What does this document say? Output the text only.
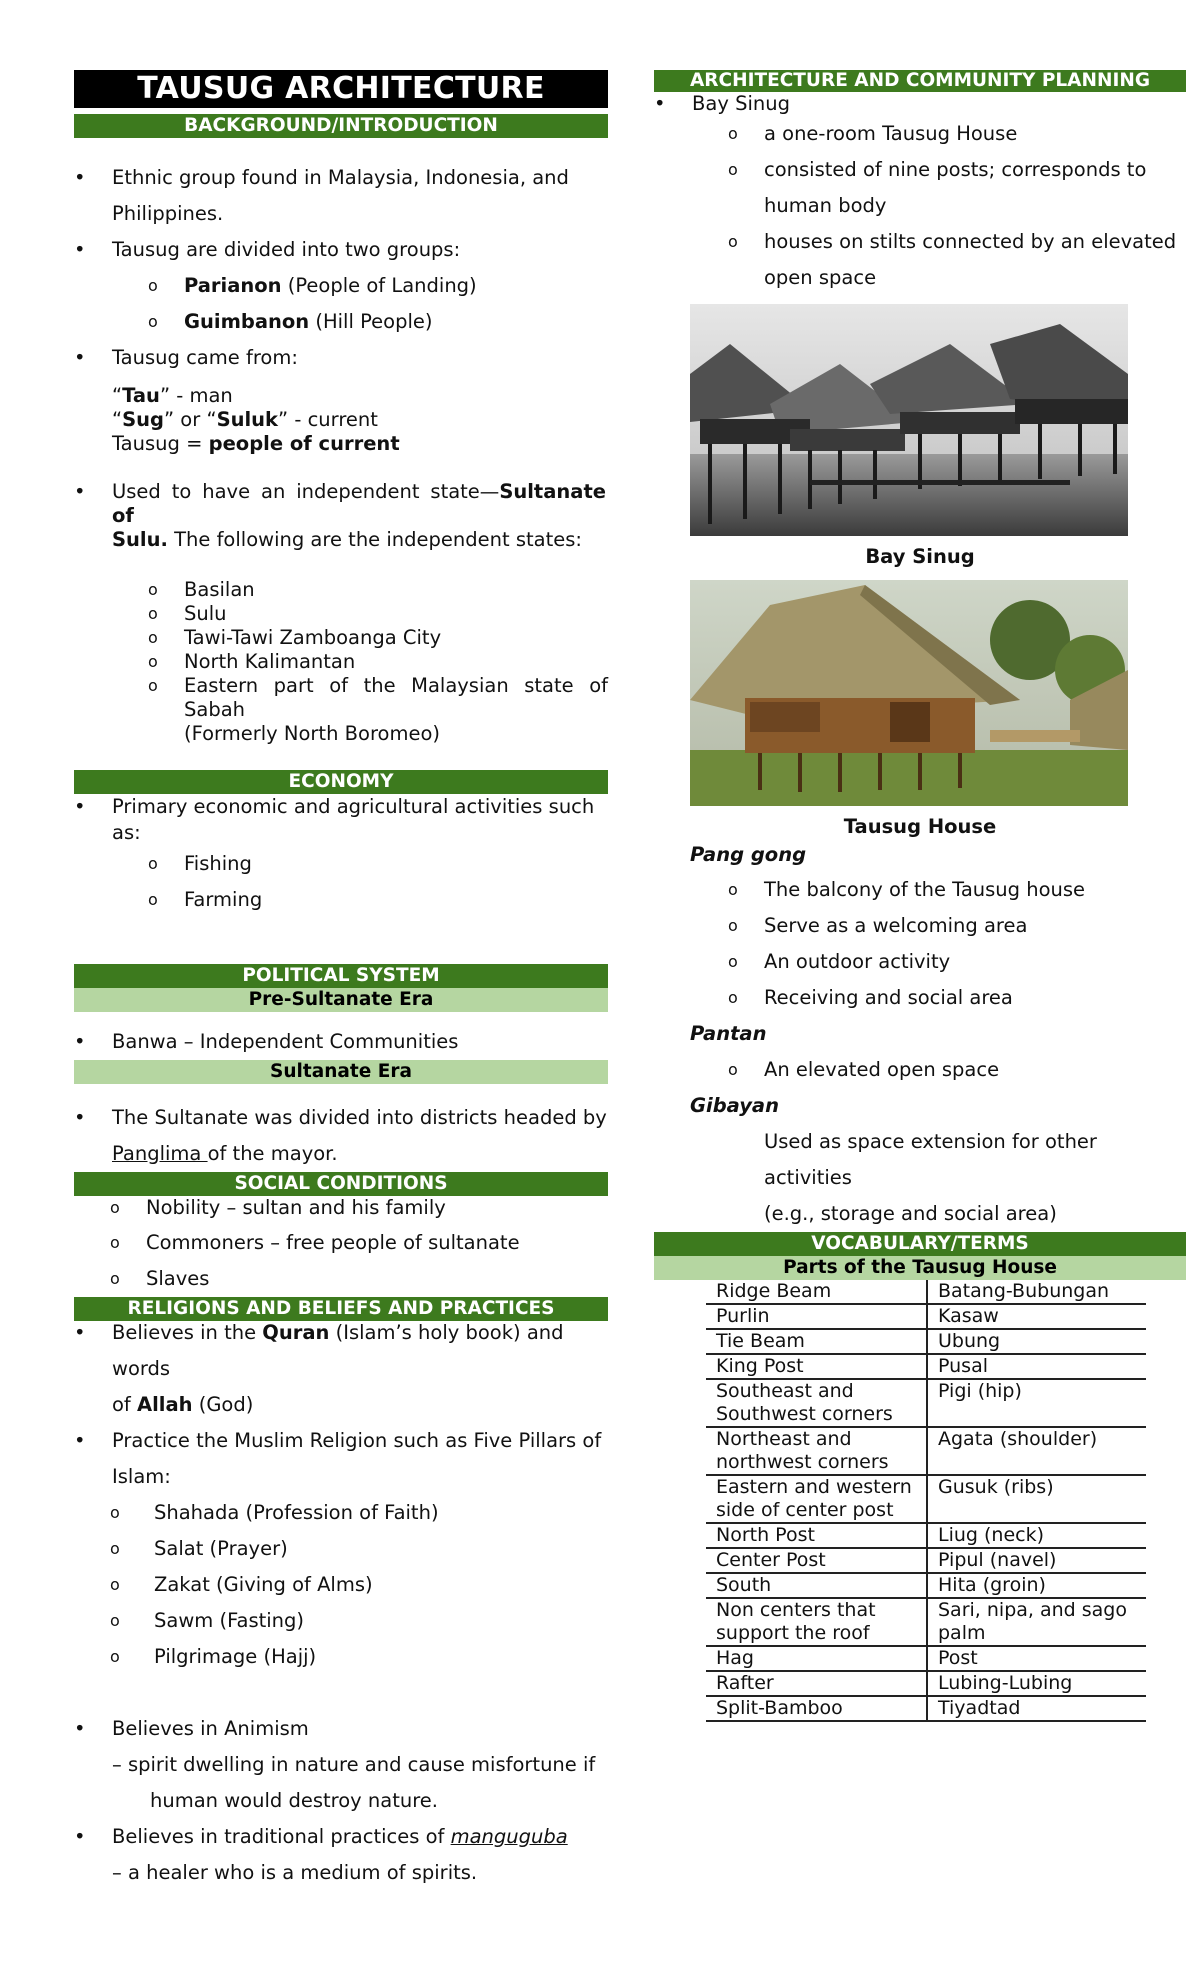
TAUSUG ARCHITECTURE
BACKGROUND/INTRODUCTION
• Ethnic group found in Malaysia, Indonesia, and
Philippines.
• Tausug are divided into two groups:
o Parianon (People of Landing)
o Guimbanon (Hill People)
• Tausug came from:
“Tau” - man
“Sug” or “Suluk” - current
Tausug = people of current
• Used to have an independent state—Sultanate of
Sulu. The following are the independent states:
o Basilan
o Sulu
o Tawi-Tawi Zamboanga City
o North Kalimantan
o Eastern part of the Malaysian state of Sabah
(Formerly North Boromeo)
ECONOMY
• Primary economic and agricultural activities such as:
o Fishing
o Farming
POLITICAL SYSTEM
Pre-Sultanate Era
• Banwa – Independent Communities
Sultanate Era
• The Sultanate was divided into districts headed by
Panglima of the mayor.
SOCIAL CONDITIONS
o Nobility – sultan and his family
o Commoners – free people of sultanate
o Slaves
RELIGIONS AND BELIEFS AND PRACTICES
• Believes in the Quran (Islam’s holy book) and words
of Allah (God)
• Practice the Muslim Religion such as Five Pillars of
Islam:
o Shahada (Profession of Faith)
o Salat (Prayer)
o Zakat (Giving of Alms)
o Sawm (Fasting)
o Pilgrimage (Hajj)
• Believes in Animism
– spirit dwelling in nature and cause misfortune if
human would destroy nature.
• Believes in traditional practices of manguguba
– a healer who is a medium of spirits.
ARCHITECTURE AND COMMUNITY PLANNING
• Bay Sinug
o a one-room Tausug House
o consisted of nine posts; corresponds to
human body
o houses on stilts connected by an elevated
open space
Bay Sinug
Tausug House
Pang gong
o The balcony of the Tausug house
o Serve as a welcoming area
o An outdoor activity
o Receiving and social area
Pantan
o An elevated open space
Gibayan
Used as space extension for other activities
(e.g., storage and social area)
VOCABULARY/TERMS
Parts of the Tausug House
Ridge Beam	Batang-Bubungan
Purlin	Kasaw
Tie Beam	Ubung
King Post	Pusal
Southeast and Southwest corners	Pigi (hip)
Northeast and northwest corners	Agata (shoulder)
Eastern and western side of center post	Gusuk (ribs)
North Post	Liug (neck)
Center Post	Pipul (navel)
South	Hita (groin)
Non centers that support the roof	Sari, nipa, and sago palm
Hag	Post
Rafter	Lubing-Lubing
Split-Bamboo	Tiyadtad
